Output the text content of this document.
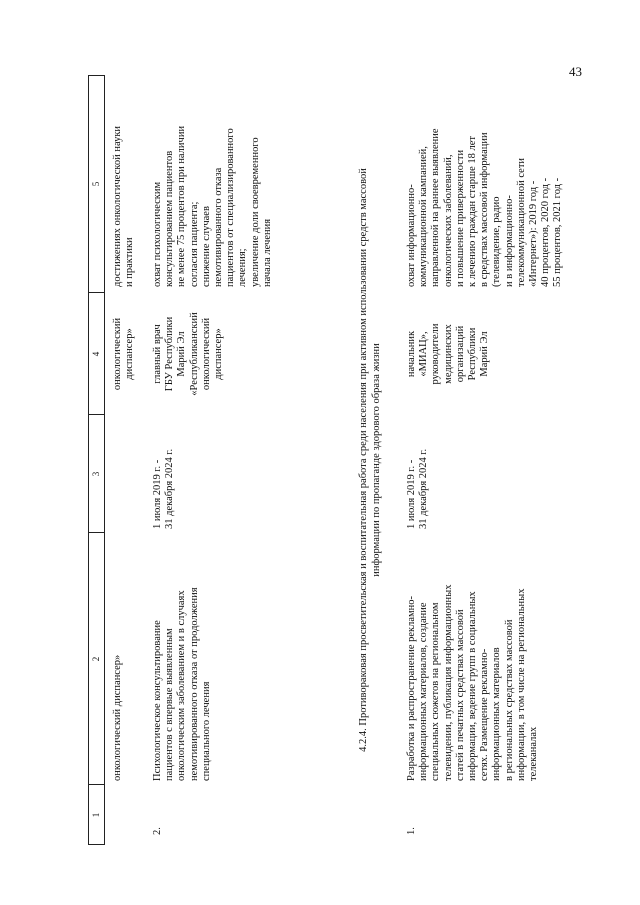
43
1
2
3
4
5
онкологический диспансер»
онкологический диспансер»
достижениях онкологической науки и практики
2.
Психологическое консультирование пациентов с впервые выявленным онкологическим заболеванием и в случаях немотивированного отказа от продолжения специального лечения
1 июля 2019 г. - 31 декабря 2024 г.
главный врач ГБУ Республики Марий Эл «Республиканский онкологический диспансер»
охват психологическим консультированием пациентов не менее 75 процентов при наличии согласия пациента; снижение случаев немотивированного отказа пациентов от специализированного лечения; увеличение доли своевременного начала лечения	4.2.4. Противораковая просветительская и воспитательная работа среди населения при активном использовании средств массовой информации по пропаганде здорового образа жизни
1.
Разработка и распространение рекламно- информационных материалов, создание специальных сюжетов на региональном телевидении, публикация информационных статей в печатных средствах массовой информации, ведение групп в социальных сетях. Размещение рекламно- информационных материалов в региональных средствах массовой информации, в том числе на региональных телеканалах
1 июля 2019 г. - 31 декабря 2024 г.
начальник «МИАЦ», руководители медицинских организаций Республики Марий Эл
охват информационно- коммуникационной кампанией, направленной на раннее выявление онкологических заболеваний, и повышение приверженности к лечению граждан старше 18 лет в средствах массовой информации (телевидение, радио и в информационно- телекоммуникационной сети «Интернет»): 2019 год - 40 процентов, 2020 год - 55 процентов, 2021 год -
